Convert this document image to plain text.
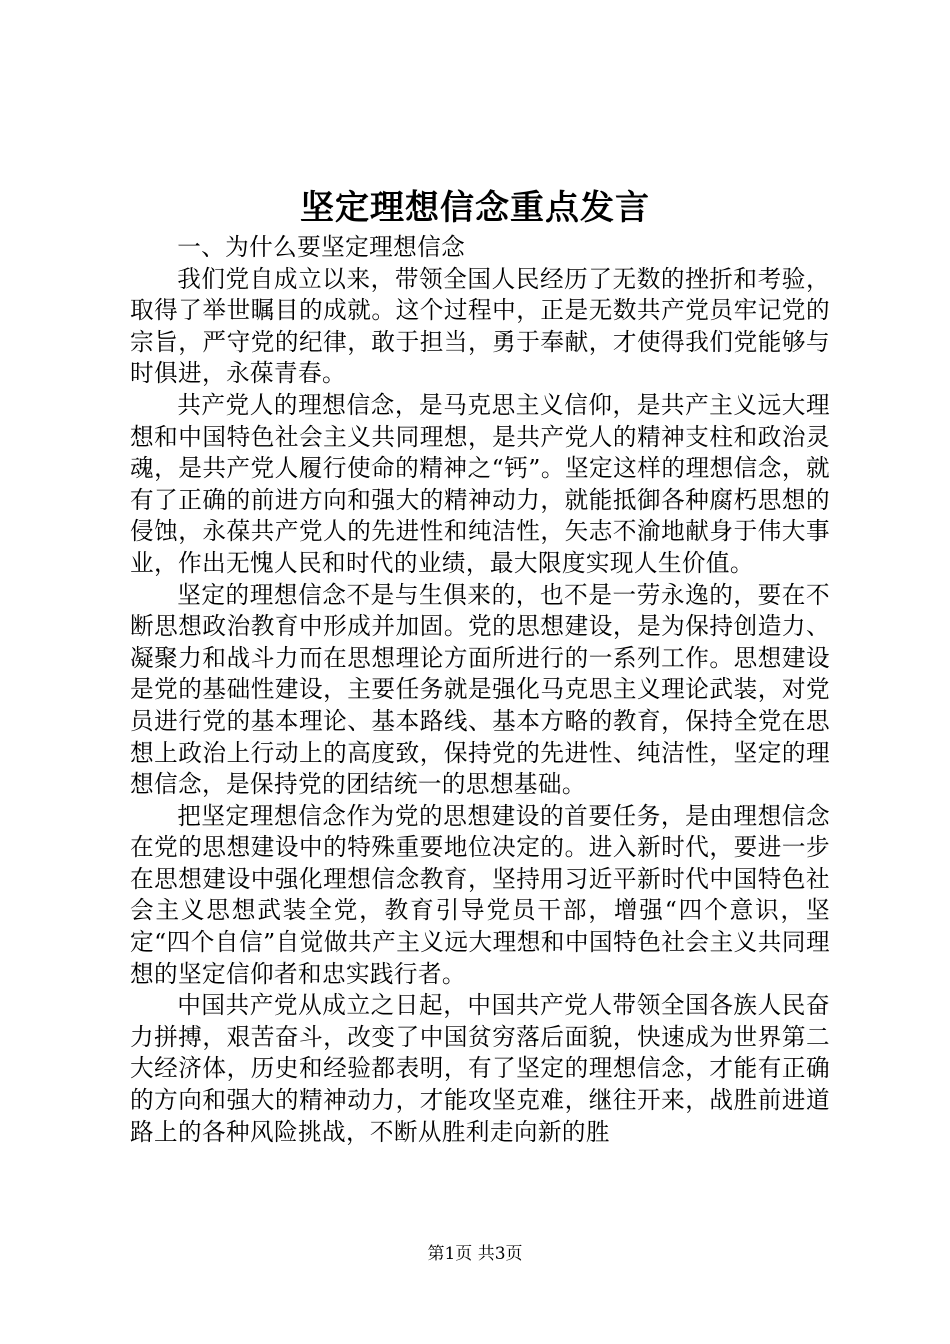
坚定理想信念重点发言

一、为什么要坚定理想信念

我们党自成立以来，带领全国人民经历了无数的挫折和考验，取得了举世瞩目的成就。这个过程中，正是无数共产党员牢记党的宗旨，严守党的纪律，敢于担当，勇于奉献，才使得我们党能够与时俱进，永葆青春。

共产党人的理想信念，是马克思主义信仰，是共产主义远大理想和中国特色社会主义共同理想，是共产党人的精神支柱和政治灵魂，是共产党人履行使命的精神之“钙”。坚定这样的理想信念，就有了正确的前进方向和强大的精神动力，就能抵御各种腐朽思想的侵蚀，永葆共产党人的先进性和纯洁性，矢志不渝地献身于伟大事业，作出无愧人民和时代的业绩，最大限度实现人生价值。

坚定的理想信念不是与生俱来的，也不是一劳永逸的，要在不断思想政治教育中形成并加固。党的思想建设，是为保持创造力、凝聚力和战斗力而在思想理论方面所进行的一系列工作。思想建设是党的基础性建设，主要任务就是强化马克思主义理论武装，对党员进行党的基本理论、基本路线、基本方略的教育，保持全党在思想上政治上行动上的高度致，保持党的先进性、纯洁性，坚定的理想信念，是保持党的团结统一的思想基础。

把坚定理想信念作为党的思想建设的首要任务，是由理想信念在党的思想建设中的特殊重要地位决定的。进入新时代，要进一步在思想建设中强化理想信念教育，坚持用习近平新时代中国特色社会主义思想武装全党，教育引导党员干部，增强“四个意识，坚定“四个自信”自觉做共产主义远大理想和中国特色社会主义共同理想的坚定信仰者和忠实践行者。

中国共产党从成立之日起，中国共产党人带领全国各族人民奋力拼搏，艰苦奋斗，改变了中国贫穷落后面貌，快速成为世界第二大经济体，历史和经验都表明，有了坚定的理想信念，才能有正确的方向和强大的精神动力，才能攻坚克难，继往开来，战胜前进道路上的各种风险挑战，不断从胜利走向新的胜

第1页 共3页
